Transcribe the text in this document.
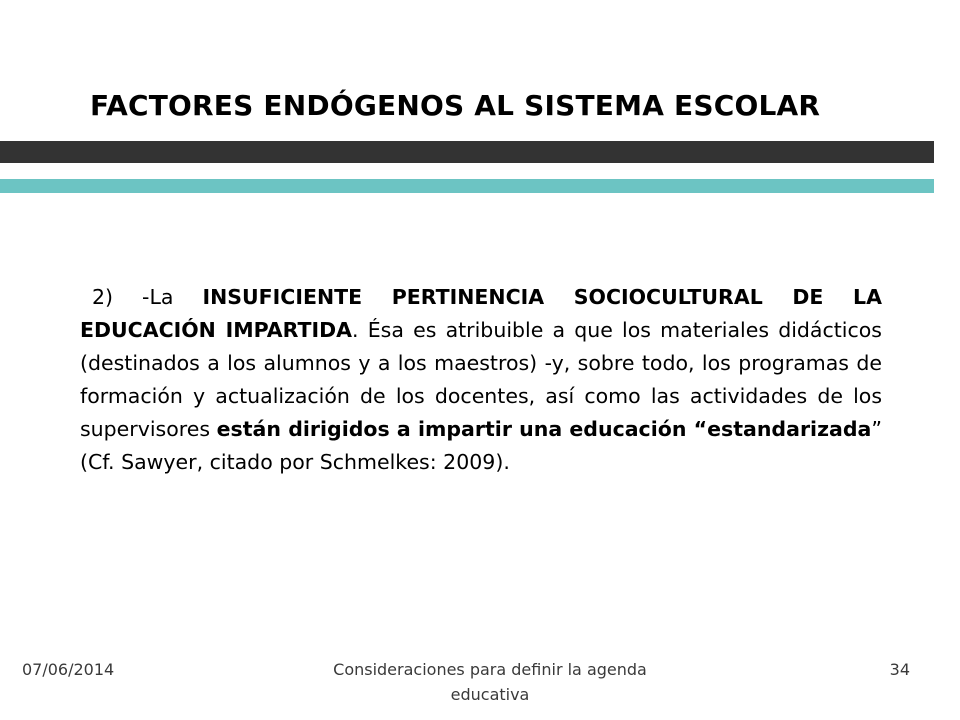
FACTORES ENDÓGENOS AL SISTEMA ESCOLAR

2) -La INSUFICIENTE PERTINENCIA SOCIOCULTURAL DE LA EDUCACIÓN IMPARTIDA. Ésa es atribuible a que los materiales didácticos (destinados a los alumnos y a los maestros) -y, sobre todo, los programas de formación y actualización de los docentes, así como las actividades de los supervisores están dirigidos a impartir una educación “estandarizada” (Cf. Sawyer, citado por Schmelkes: 2009).

07/06/2014	Consideraciones para definir la agenda educativa
34
